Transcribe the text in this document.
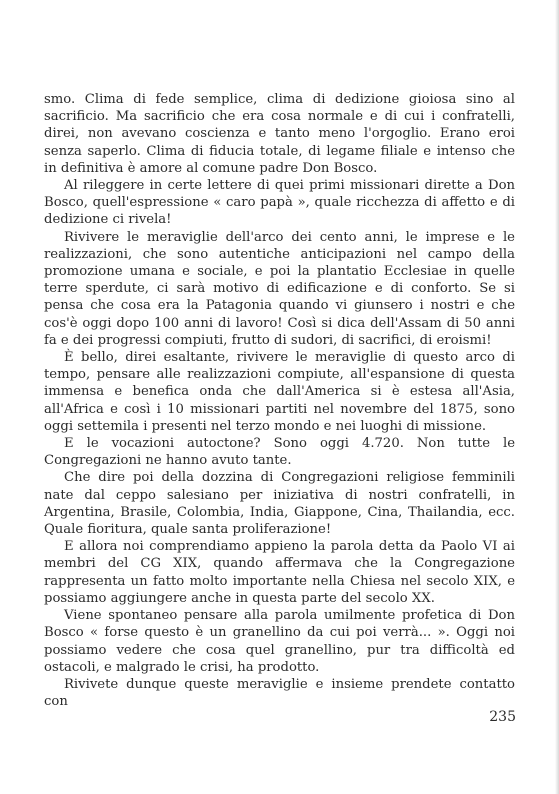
smo. Clima di fede semplice, clima di dedizione gioiosa sino al sacrificio. Ma sacrificio che era cosa normale e di cui i confratelli, direi, non avevano coscienza e tanto meno l'orgoglio. Erano eroi senza saperlo. Clima di fiducia totale, di legame filiale e intenso che in definitiva è amore al comune padre Don Bosco.

Al rileggere in certe lettere di quei primi missionari dirette a Don Bosco, quell'espressione « caro papà », quale ricchezza di affetto e di dedizione ci rivela!

Rivivere le meraviglie dell'arco dei cento anni, le imprese e le realizzazioni, che sono autentiche anticipazioni nel campo della promozione umana e sociale, e poi la plantatio Ecclesiae in quelle terre sperdute, ci sarà motivo di edificazione e di conforto. Se si pensa che cosa era la Patagonia quando vi giunsero i nostri e che cos'è oggi dopo 100 anni di lavoro! Così si dica dell'Assam di 50 anni fa e dei progressi compiuti, frutto di sudori, di sacrifici, di eroismi!

È bello, direi esaltante, rivivere le meraviglie di questo arco di tempo, pensare alle realizzazioni compiute, all'espansione di questa immensa e benefica onda che dall'America si è estesa all'Asia, all'Africa e così i 10 missionari partiti nel novembre del 1875, sono oggi settemila i presenti nel terzo mondo e nei luoghi di missione.

E le vocazioni autoctone? Sono oggi 4.720. Non tutte le Congregazioni ne hanno avuto tante.

Che dire poi della dozzina di Congregazioni religiose femminili nate dal ceppo salesiano per iniziativa di nostri confratelli, in Argentina, Brasile, Colombia, India, Giappone, Cina, Thailandia, ecc. Quale fioritura, quale santa proliferazione!

E allora noi comprendiamo appieno la parola detta da Paolo VI ai membri del CG XIX, quando affermava che la Congregazione rappresenta un fatto molto importante nella Chiesa nel secolo XIX, e possiamo aggiungere anche in questa parte del secolo XX.

Viene spontaneo pensare alla parola umilmente profetica di Don Bosco « forse questo è un granellino da cui poi verrà... ». Oggi noi possiamo vedere che cosa quel granellino, pur tra difficoltà ed ostacoli, e malgrado le crisi, ha prodotto.

Rivivete dunque queste meraviglie e insieme prendete contatto con

235
